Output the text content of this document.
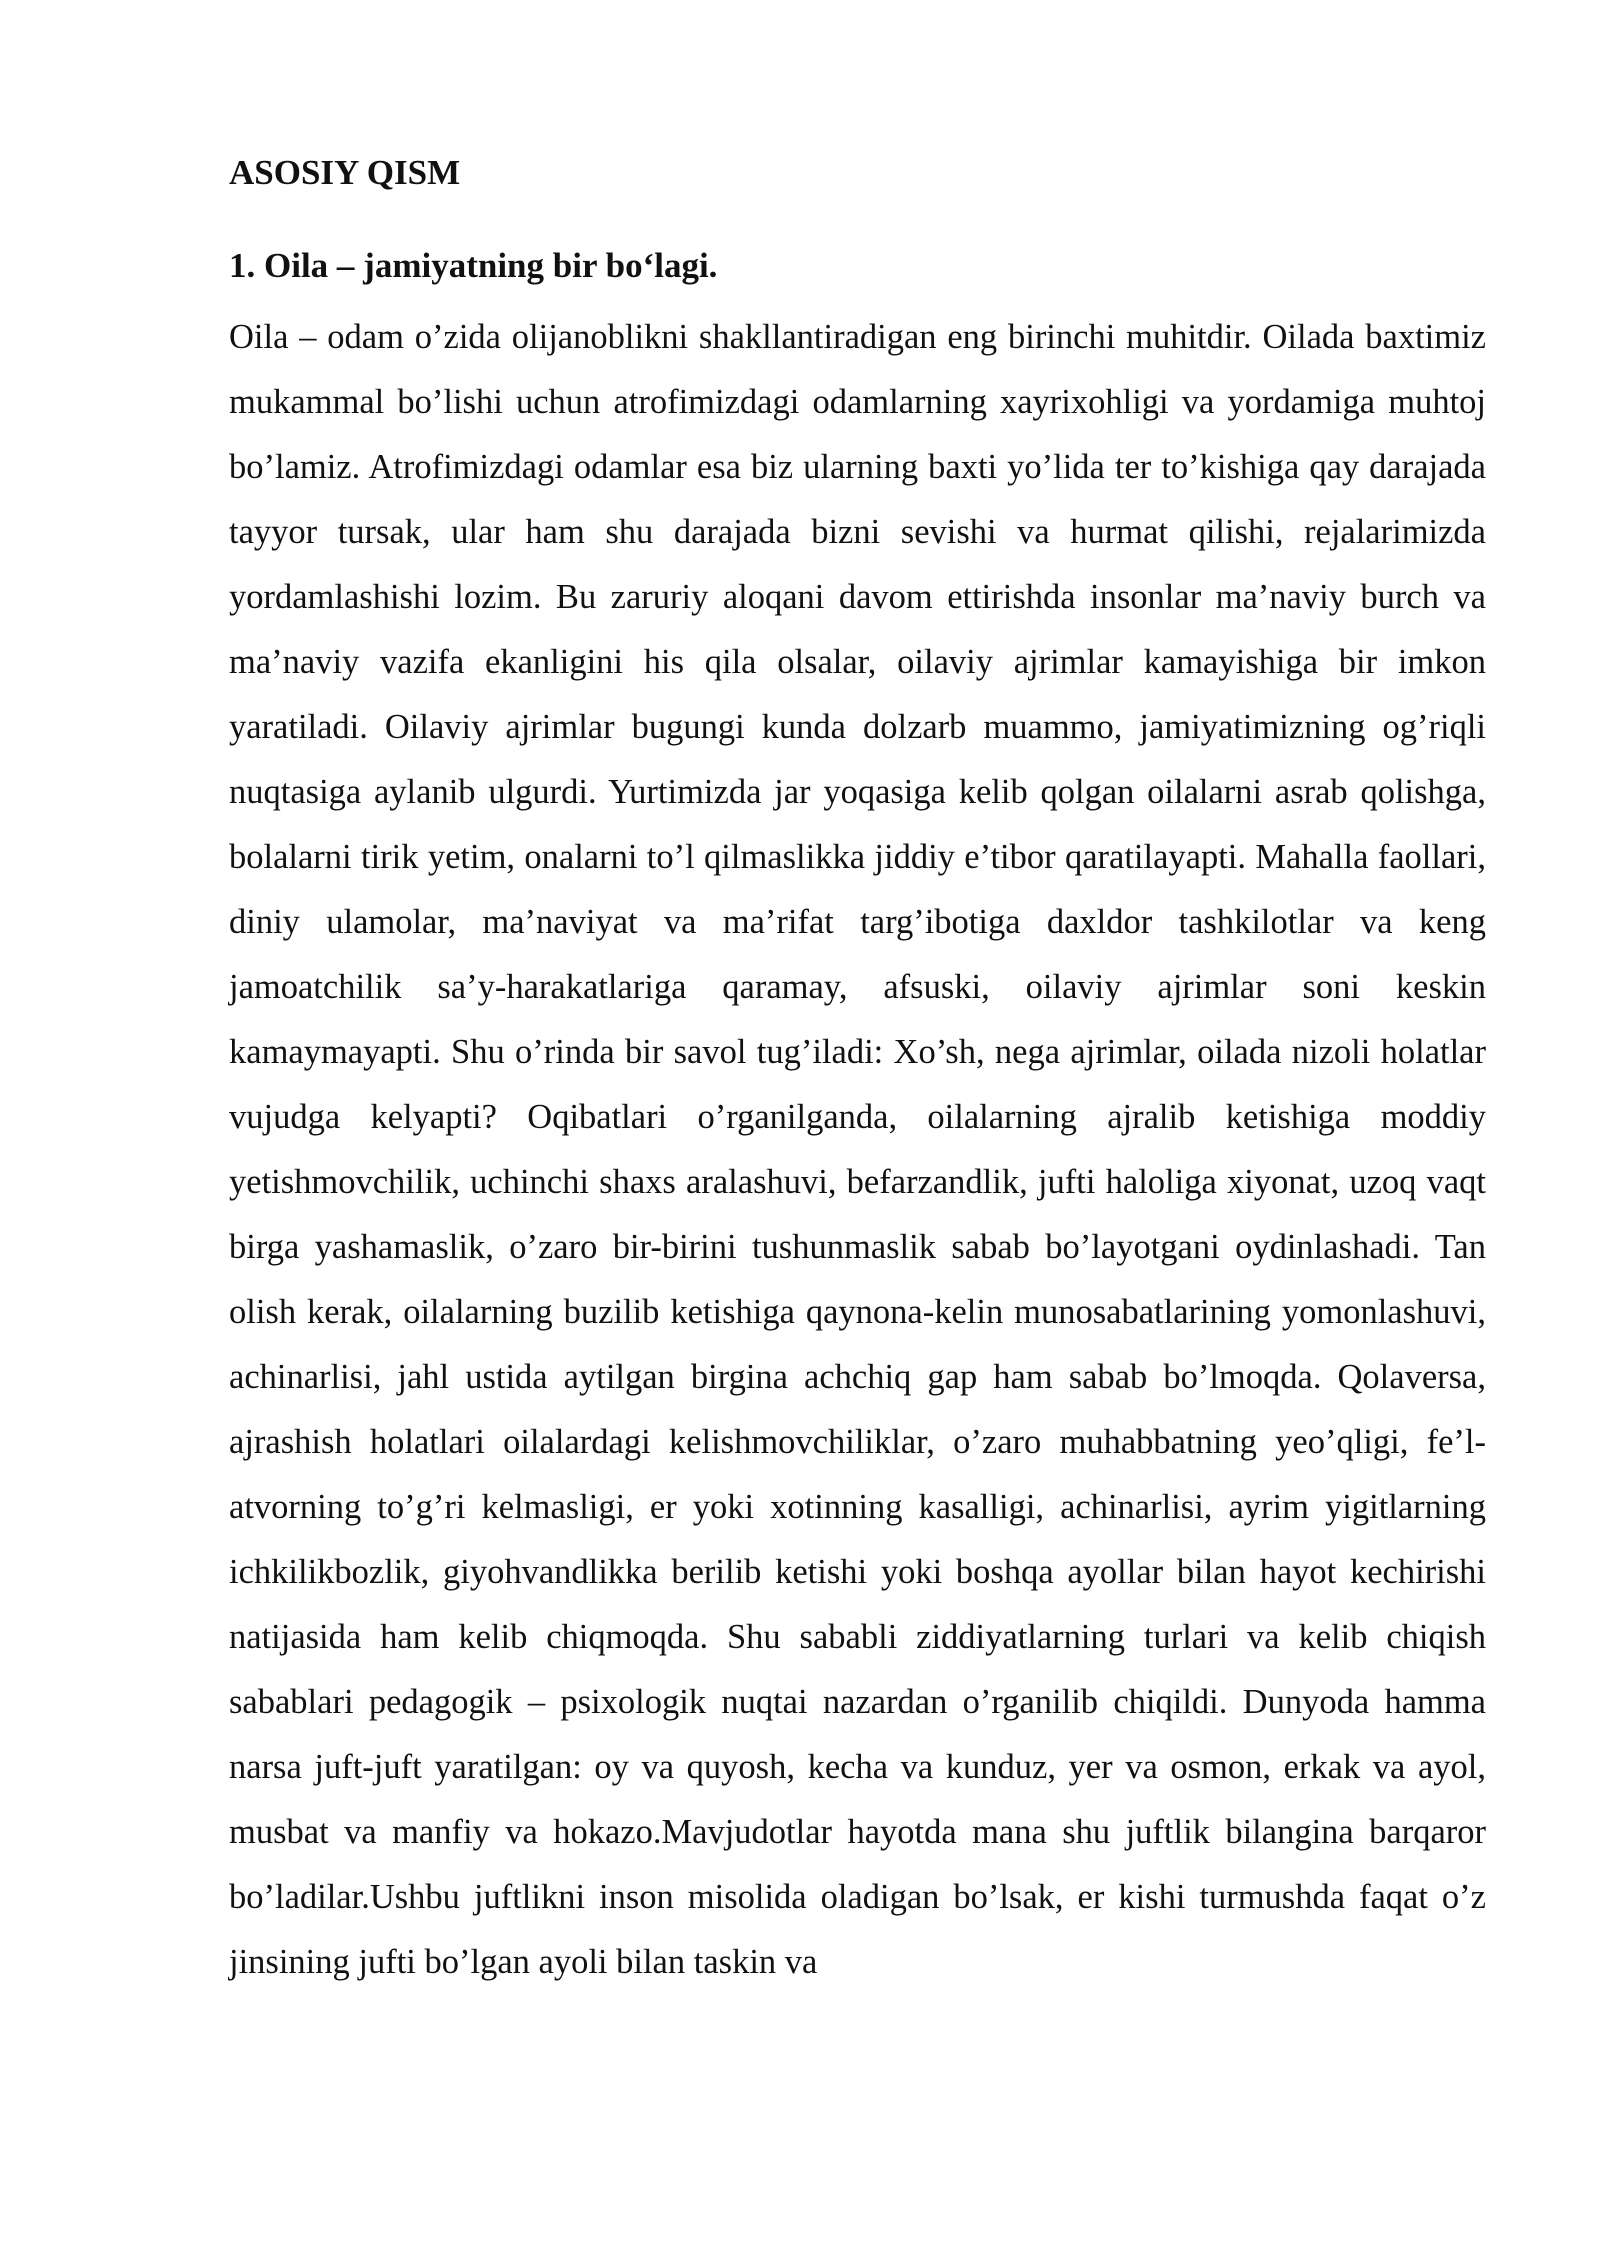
ASOSIY QISM
1. Oila – jamiyatning bir boʻlagi.

Oila – odam o’zida olijanoblikni shakllantiradigan eng birinchi muhitdir. Oilada baxtimiz mukammal bo’lishi uchun atrofimizdagi odamlarning xayrixohligi va yordamiga muhtoj bo’lamiz. Atrofimizdagi odamlar esa biz ularning baxti yo’lida ter to’kishiga qay darajada tayyor tursak, ular ham shu darajada bizni sevishi va hurmat qilishi, rejalarimizda yordamlashishi lozim. Bu zaruriy aloqani davom ettirishda insonlar ma’naviy burch va ma’naviy vazifa ekanligini his qila olsalar, oilaviy ajrimlar kamayishiga bir imkon yaratiladi. Oilaviy ajrimlar bugungi kunda dolzarb muammo, jamiyatimizning og’riqli nuqtasiga aylanib ulgurdi. Yurtimizda jar yoqasiga kelib qolgan oilalarni asrab qolishga, bolalarni tirik yetim, onalarni to’l qilmaslikka jiddiy e’tibor qaratilayapti. Mahalla faollari, diniy ulamolar, ma’naviyat va ma’rifat targ’ibotiga daxldor tashkilotlar va keng jamoatchilik sa’y-harakatlariga qaramay, afsuski, oilaviy ajrimlar soni keskin kamaymayapti. Shu o’rinda bir savol tug’iladi: Xo’sh, nega ajrimlar, oilada nizoli holatlar vujudga kelyapti? Oqibatlari o’rganilganda, oilalarning ajralib ketishiga moddiy yetishmovchilik, uchinchi shaxs aralashuvi, befarzandlik, jufti haloliga xiyonat, uzoq vaqt birga yashamaslik, o’zaro bir-birini tushunmaslik sabab bo’layotgani oydinlashadi. Tan olish kerak, oilalarning buzilib ketishiga qaynona-kelin munosabatlarining yomonlashuvi, achinarlisi, jahl ustida aytilgan birgina achchiq gap ham sabab bo’lmoqda. Qolaversa, ajrashish holatlari oilalardagi kelishmovchiliklar, o’zaro muhabbatning yeo’qligi, fe’l-atvorning to’g’ri kelmasligi, er yoki xotinning kasalligi, achinarlisi, ayrim yigitlarning ichkilikbozlik, giyohvandlikka berilib ketishi yoki boshqa ayollar bilan hayot kechirishi natijasida ham kelib chiqmoqda. Shu sababli ziddiyatlarning turlari va kelib chiqish sabablari pedagogik – psixologik nuqtai nazardan o’rganilib chiqildi. Dunyoda hamma narsa juft-juft yaratilgan: oy va quyosh, kecha va kunduz, yer va osmon, erkak va ayol, musbat va manfiy va hokazo.Mavjudotlar hayotda mana shu juftlik bilangina barqaror bo’ladilar.Ushbu juftlikni inson misolida oladigan bo’lsak, er kishi turmushda faqat o’z jinsining jufti bo’lgan ayoli bilan taskin va
